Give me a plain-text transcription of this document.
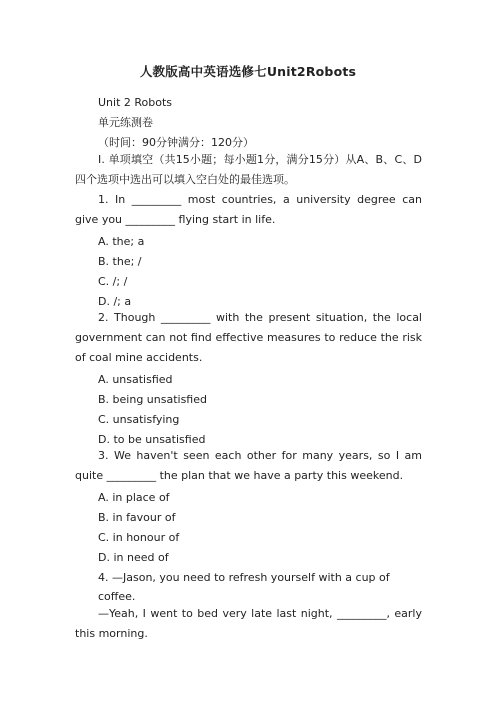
人教版高中英语选修七Unit2Robots
Unit 2 Robots
单元练测卷
（时间：90分钟满分：120分）
Ⅰ. 单项填空（共15小题；每小题1分，满分15分）从A、B、C、D四个选项中选出可以填入空白处的最佳选项。
1. In _________ most countries, a university degree can give you _________ flying start in life.
A. the; a
B. the; /
C. /; /
D. /; a
2. Though _________ with the present situation, the local government can not find effective measures to reduce the risk of coal mine accidents.
A. unsatisfied
B. being unsatisfied
C. unsatisfying
D. to be unsatisfied
3. We haven't seen each other for many years, so I am quite _________ the plan that we have a party this weekend.
A. in place of
B. in favour of
C. in honour of
D. in need of
4. —Jason, you need to refresh yourself with a cup of
coffee.
—Yeah, I went to bed very late last night, _________, early this morning.
